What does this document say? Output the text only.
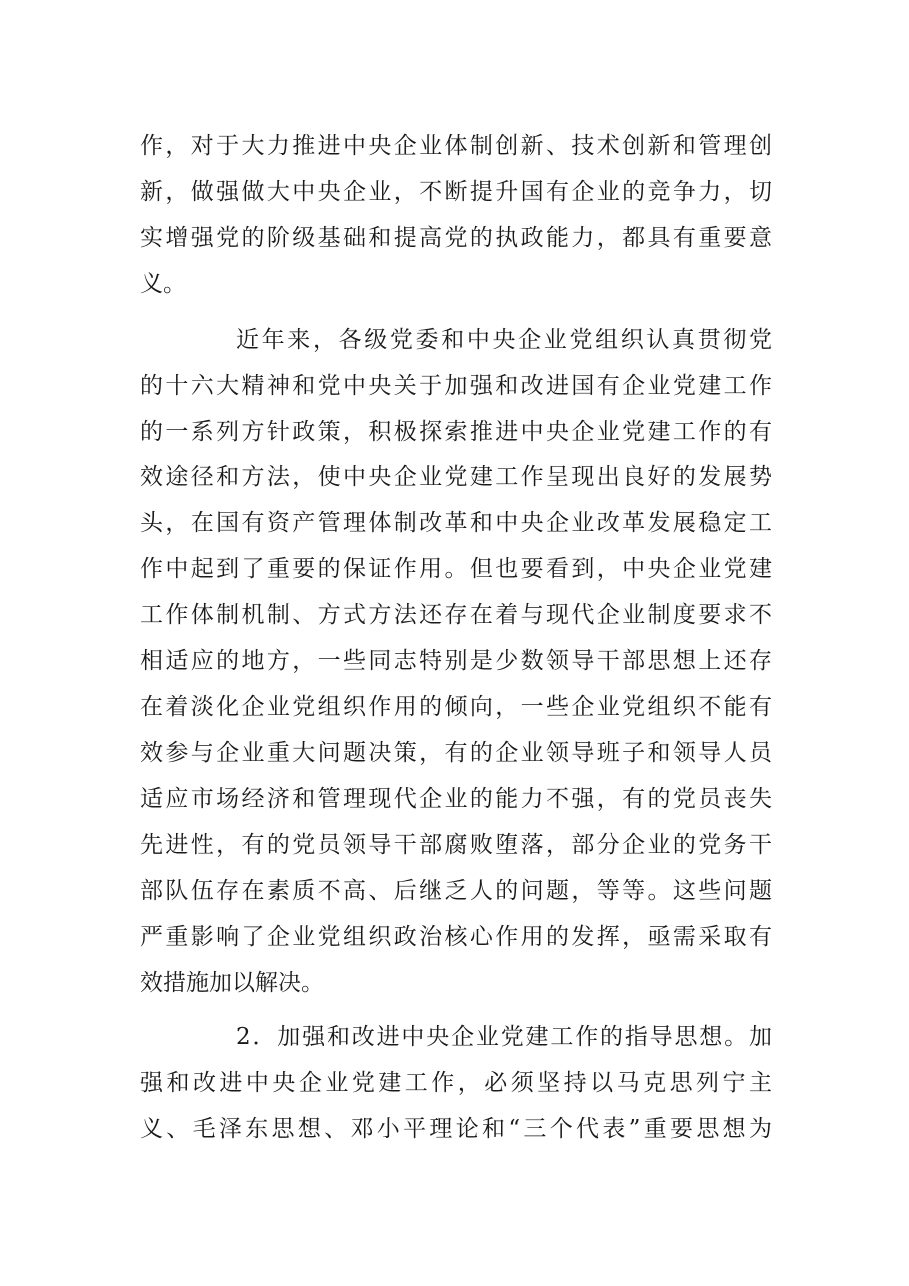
作，对于大力推进中央企业体制创新、技术创新和管理创
新，做强做大中央企业，不断提升国有企业的竞争力，切
实增强党的阶级基础和提高党的执政能力，都具有重要意
义。
近年来，各级党委和中央企业党组织认真贯彻党
的十六大精神和党中央关于加强和改进国有企业党建工作
的一系列方针政策，积极探索推进中央企业党建工作的有
效途径和方法，使中央企业党建工作呈现出良好的发展势
头，在国有资产管理体制改革和中央企业改革发展稳定工
作中起到了重要的保证作用。但也要看到，中央企业党建
工作体制机制、方式方法还存在着与现代企业制度要求不
相适应的地方，一些同志特别是少数领导干部思想上还存
在着淡化企业党组织作用的倾向，一些企业党组织不能有
效参与企业重大问题决策，有的企业领导班子和领导人员
适应市场经济和管理现代企业的能力不强，有的党员丧失
先进性，有的党员领导干部腐败堕落，部分企业的党务干
部队伍存在素质不高、后继乏人的问题，等等。这些问题
严重影响了企业党组织政治核心作用的发挥，亟需采取有
效措施加以解决。
2．加强和改进中央企业党建工作的指导思想。加
强和改进中央企业党建工作，必须坚持以马克思列宁主
义、毛泽东思想、邓小平理论和“三个代表”重要思想为
